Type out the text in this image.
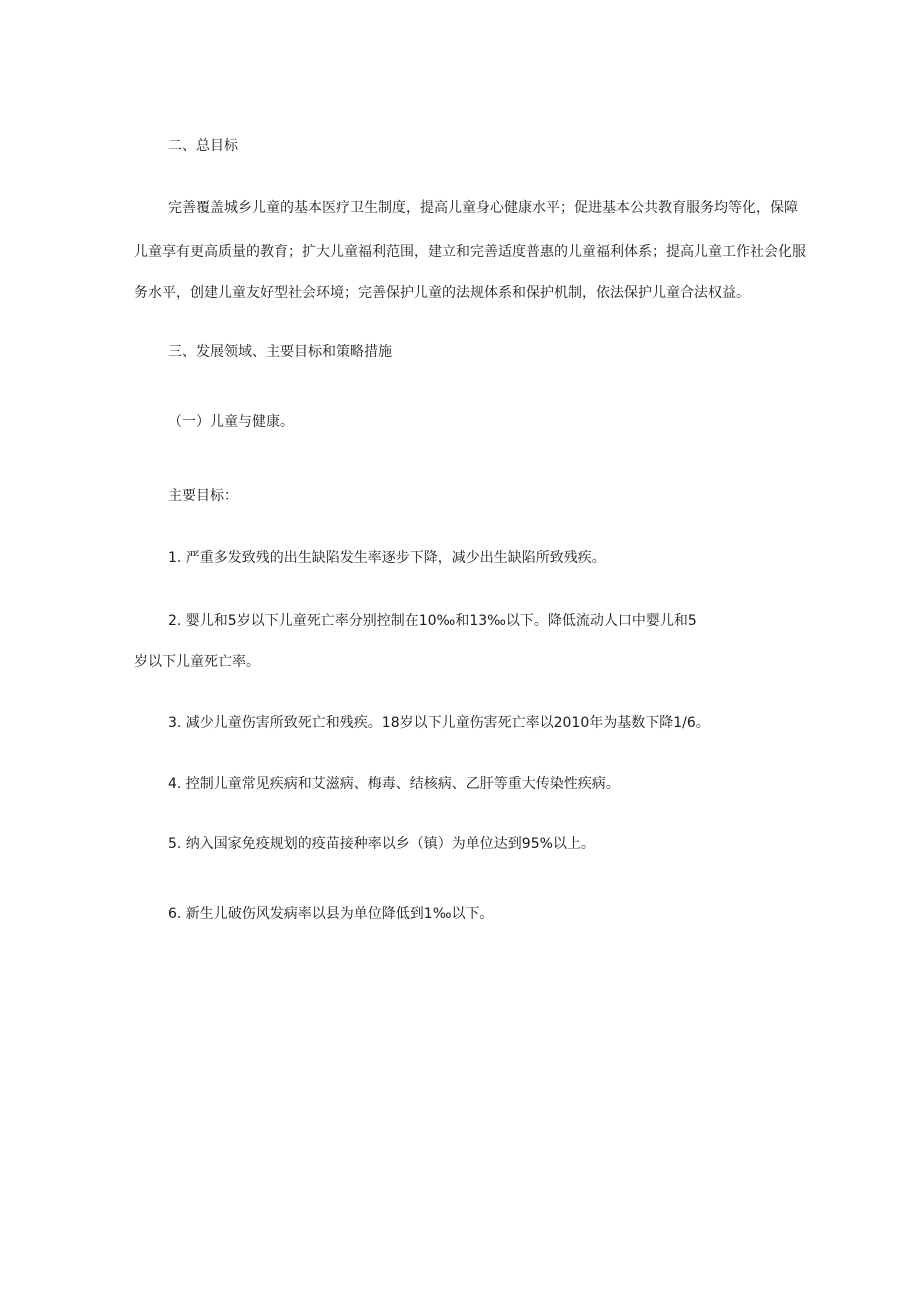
二、总目标
完善覆盖城乡儿童的基本医疗卫生制度，提高儿童身心健康水平；促进基本公共教育服务均等化，保障
儿童享有更高质量的教育；扩大儿童福利范围，建立和完善适度普惠的儿童福利体系；提高儿童工作社会化服
务水平，创建儿童友好型社会环境；完善保护儿童的法规体系和保护机制，依法保护儿童合法权益。
三、发展领域、主要目标和策略措施
（一）儿童与健康。
主要目标：
1. 严重多发致残的出生缺陷发生率逐步下降，减少出生缺陷所致残疾。
2. 婴儿和5岁以下儿童死亡率分别控制在10‰和13‰以下。降低流动人口中婴儿和5
岁以下儿童死亡率。
3. 减少儿童伤害所致死亡和残疾。18岁以下儿童伤害死亡率以2010年为基数下降1/6。
4. 控制儿童常见疾病和艾滋病、梅毒、结核病、乙肝等重大传染性疾病。
5. 纳入国家免疫规划的疫苗接种率以乡（镇）为单位达到95%以上。
6. 新生儿破伤风发病率以县为单位降低到1‰以下。
